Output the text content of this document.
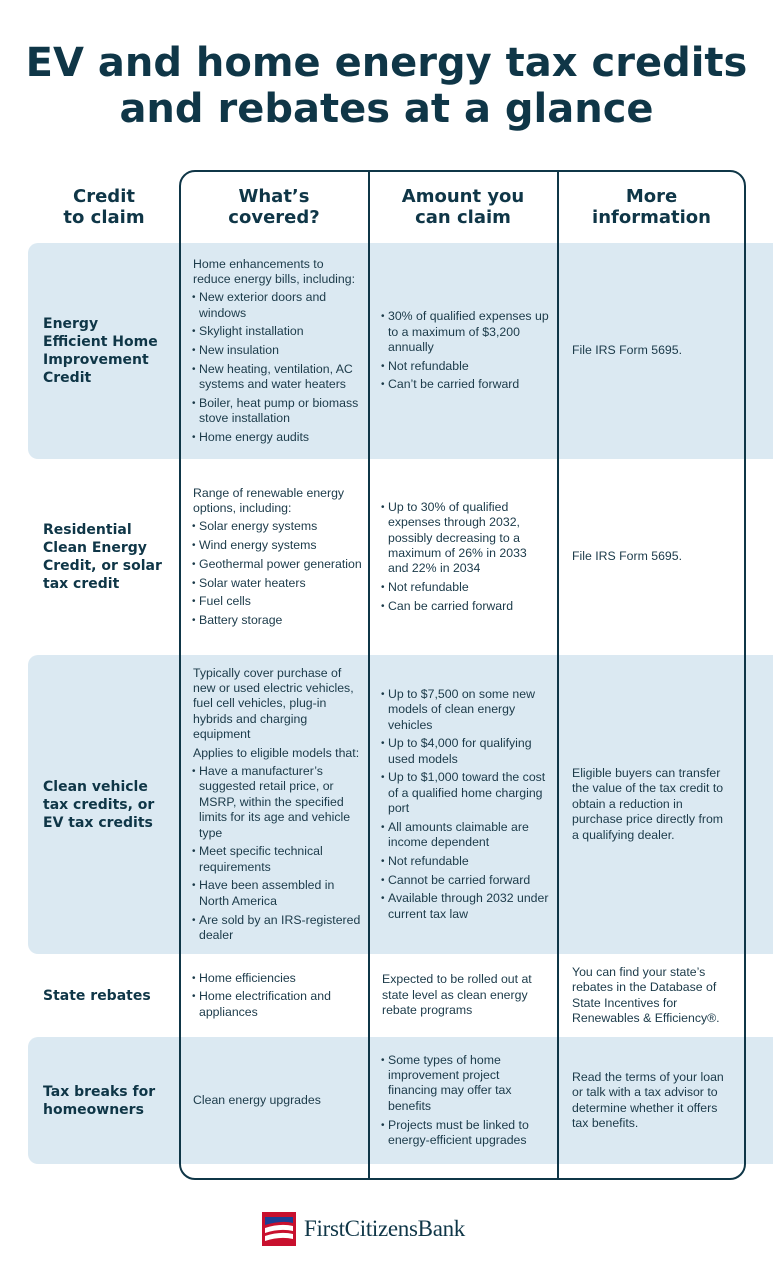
EV and home energy tax credits
and rebates at a glance
Credit
to claim
What’s
covered?
Amount you
can claim
More
information
Energy Efficient Home Improvement Credit

Home enhancements to reduce energy bills, including:

• New exterior doors and windows
• Skylight installation
• New insulation
• New heating, ventilation, AC systems and water heaters
• Boiler, heat pump or biomass stove installation
• Home energy audits
• 30% of qualified expenses up to a maximum of $3,200 annually
• Not refundable
• Can’t be carried forward
File IRS Form 5695.
Residential Clean Energy Credit, or solar tax credit

Range of renewable energy options, including:

• Solar energy systems
• Wind energy systems
• Geothermal power generation
• Solar water heaters
• Fuel cells
• Battery storage
• Up to 30% of qualified expenses through 2032, possibly decreasing to a maximum of 26% in 2033 and 22% in 2034
• Not refundable
• Can be carried forward
File IRS Form 5695.
Clean vehicle tax credits, or EV tax credits

Typically cover purchase of new or used electric vehicles, fuel cell vehicles, plug-in hybrids and charging equipment

Applies to eligible models that:

• Have a manufacturer’s suggested retail price, or MSRP, within the specified limits for its age and vehicle type
• Meet specific technical requirements
• Have been assembled in North America
• Are sold by an IRS-registered dealer
• Up to $7,500 on some new models of clean energy vehicles
• Up to $4,000 for qualifying used models
• Up to $1,000 toward the cost of a qualified home charging port
• All amounts claimable are income dependent
• Not refundable
• Cannot be carried forward
• Available through 2032 under current tax law
Eligible buyers can transfer the value of the tax credit to obtain a reduction in purchase price directly from a qualifying dealer.
State rebates
• Home efficiencies
• Home electrification and appliances
Expected to be rolled out at state level as clean energy rebate programs
You can find your state’s rebates in the Database of State Incentives for Renewables & Efficiency®.
Tax breaks for homeowners
Clean energy upgrades
• Some types of home improvement project financing may offer tax benefits
• Projects must be linked to energy-efficient upgrades
Read the terms of your loan or talk with a tax advisor to determine whether it offers tax benefits.
FirstCitizensBank
